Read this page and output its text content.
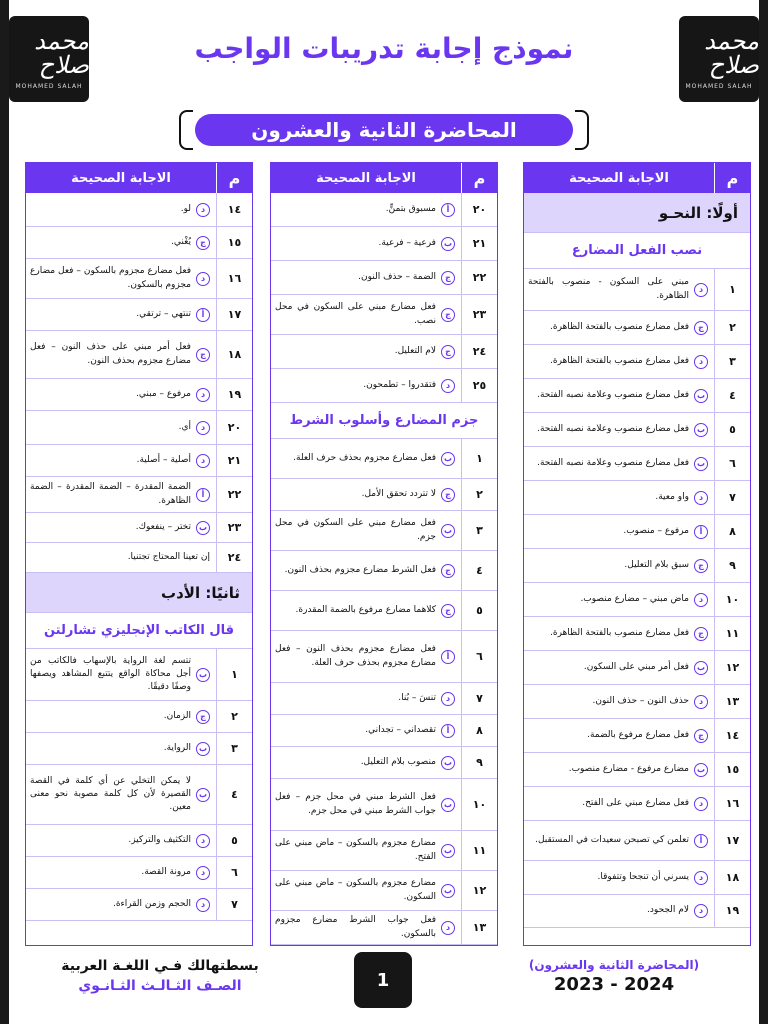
محمد صلاح
MOHAMED SALAH
محمد صلاح
MOHAMED SALAH
نموذج إجابة تدريبات الواجب
المحاضرة الثانية والعشرون
م
الاجابة الصحيحة
أولًا: النحـو
نصب الفعل المضارع
١
د
مبني على السكون - منصوب بالفتحة الظاهرة.
٢
ج
فعل مضارع منصوب بالفتحة الظاهرة.
٣
د
فعل مضارع منصوب بالفتحة الظاهرة.
٤
ب
فعل مضارع منصوب وعلامة نصبه الفتحة.
٥
ب
فعل مضارع منصوب وعلامة نصبه الفتحة.
٦
ب
فعل مضارع منصوب وعلامة نصبه الفتحة.
٧
د
واو معية.
٨
أ
مرفوع – منصوب.
٩
ج
سبق بلام التعليل.
١٠
د
ماض مبني – مضارع منصوب.
١١
ج
فعل مضارع منصوب بالفتحة الظاهرة.
١٢
ب
فعل أمر مبني على السكون.
١٣
د
حذف النون – حذف النون.
١٤
ج
فعل مضارع مرفوع بالضمة.
١٥
ب
مضارع مرفوع - مضارع منصوب.
١٦
د
فعل مضارع مبني على الفتح.
١٧
أ
تعلمن كي تصبحن سعيدات في المستقبل.
١٨
د
يسرني أن تنجحا وتتفوقا.
١٩
د
لام الجحود.
م
الاجابة الصحيحة
٢٠
أ
مسبوق بتمنٍّ.
٢١
ب
فرعية – فرعية.
٢٢
ج
الضمة – حذف النون.
٢٣
ج
فعل مضارع مبني على السكون في محل نصب.
٢٤
ج
لام التعليل.
٢٥
د
فتقدروا – تطمحون.
جزم المضارع وأسلوب الشرط
١
ب
فعل مضارع مجزوم بحذف حرف العلة.
٢
ج
لا تتردد تحقق الأمل.
٣
ب
فعل مضارع مبني على السكون في محل جزم.
٤
ج
فعل الشرط مضارع مجزوم بحذف النون.
٥
ج
كلاهما مضارع مرفوع بالضمة المقدرة.
٦
أ
فعل مضارع مجزوم بحذف النون – فعل مضارع مجزوم بحذف حرف العلة.
٧
د
تنسَ – بُنا.
٨
أ
تقصداني – تجداني.
٩
ب
منصوب بلام التعليل.
١٠
ب
فعل الشرط مبني في محل جزم – فعل جواب الشرط مبني في محل جزم.
١١
ب
مضارع مجزوم بالسكون – ماض مبني على الفتح.
١٢
ب
مضارع مجزوم بالسكون – ماض مبني على السكون.
١٣
د
فعل جواب الشرط مضارع مجزوم بالسكون.
م
الاجابة الصحيحة
١٤
د
لو.
١٥
ج
يُغْني.
١٦
د
فعل مضارع مجزوم بالسكون – فعل مضارع مجزوم بالسكون.
١٧
أ
تنتهي – ترتقي.
١٨
ج
فعل أمر مبني على حذف النون – فعل مضارع مجزوم بحذف النون.
١٩
د
مرفوع – مبني.
٢٠
د
أي.
٢١
د
أصلية – أصلية.
٢٢
أ
الضمة المقدرة – الضمة المقدرة – الضمة الظاهرة.
٢٣
ب
تختر – ينفعوك.
٢٤
إن تعينا المحتاج تجتنيا.
ثانيًا: الأدب
قال الكاتب الإنجليزي تشارلتن
١
ب
تتسم لغة الرواية بالإسهاب فالكاتب من أجل محاكاة الواقع يتتبع المشاهد ويصفها وصفًا دقيقًا.
٢
ج
الزمان.
٣
ب
الرواية.
٤
ب
لا يمكن التخلي عن أي كلمة في القصة القصيرة لأن كل كلمة مصوبة نحو معنى معين.
٥
د
التكثيف والتركيز.
٦
د
مرونة القصة.
٧
د
الحجم وزمن القراءة.
(المحاضرة الثانية والعشرون)
2023 - 2024
1
بسطتهالك فـي اللغـة العربية
الصـف الثـالـث الثـانـوي
